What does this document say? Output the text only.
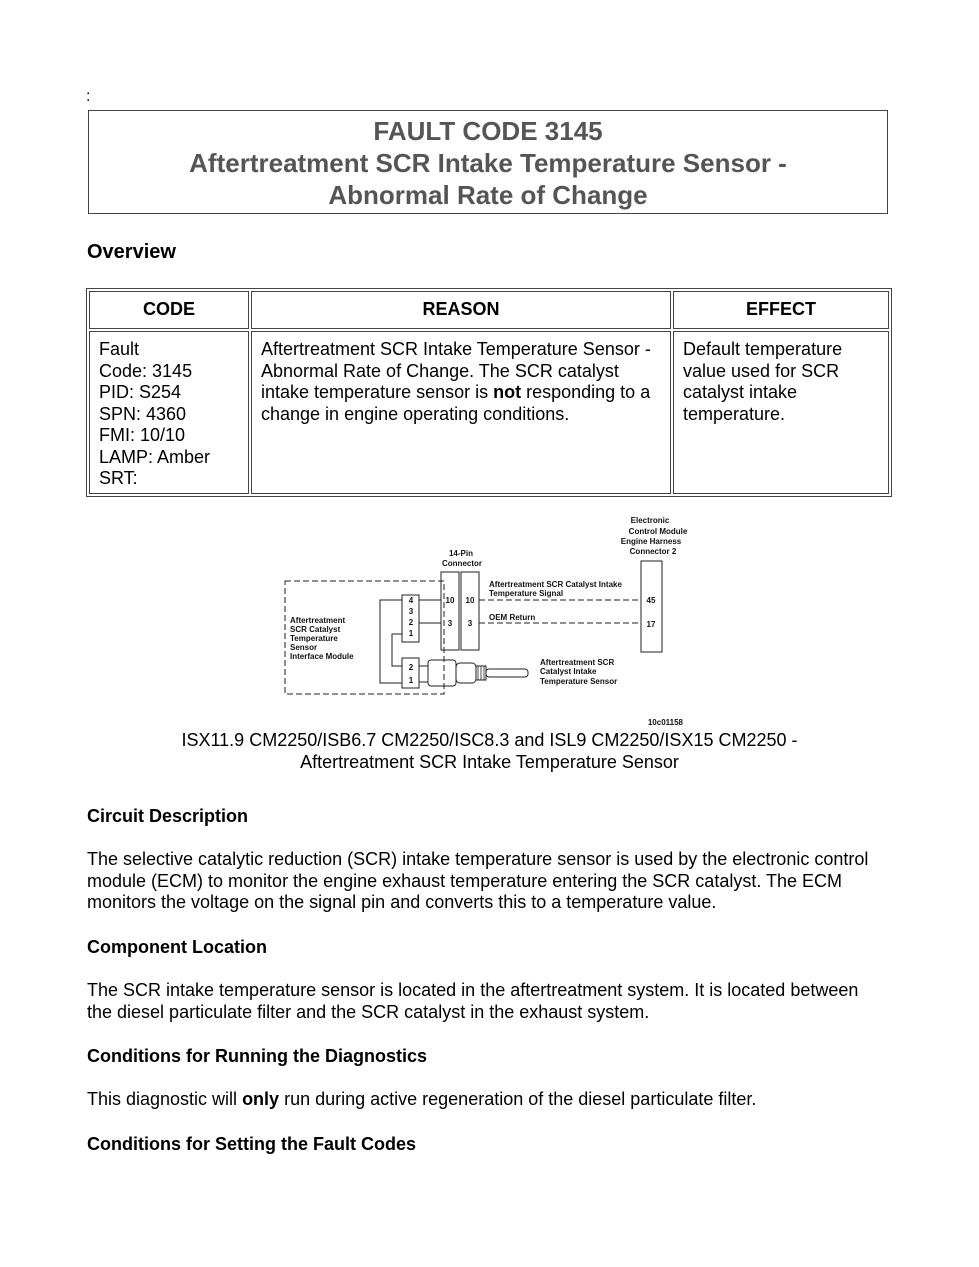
:
FAULT CODE 3145
Aftertreatment SCR Intake Temperature Sensor -
Abnormal Rate of Change
Overview
CODE	REASON	EFFECT
Fault
Code: 3145
PID: S254
SPN: 4360
FMI: 10/10
LAMP: Amber
SRT:
Aftertreatment SCR Intake Temperature Sensor - Abnormal Rate of Change. The SCR catalyst intake temperature sensor is not responding to a change in engine operating conditions.
Default temperature value used for SCR catalyst intake temperature.
Electronic
Control Module
Engine Harness
Connector 2
45
17
14-Pin
Connector
10 10
3 3
Aftertreatment SCR Catalyst Intake
Temperature Signal
OEM Return
Aftertreatment
SCR Catalyst
Temperature
Sensor
Interface Module
4
3
2
1
2
1
Aftertreatment SCR
Catalyst Intake
Temperature Sensor
10c01158
ISX11.9 CM2250/ISB6.7 CM2250/ISC8.3 and ISL9 CM2250/ISX15 CM2250 -
Aftertreatment SCR Intake Temperature Sensor
Circuit Description
The selective catalytic reduction (SCR) intake temperature sensor is used by the electronic control module (ECM) to monitor the engine exhaust temperature entering the SCR catalyst. The ECM monitors the voltage on the signal pin and converts this to a temperature value.
Component Location
The SCR intake temperature sensor is located in the aftertreatment system. It is located between the diesel particulate filter and the SCR catalyst in the exhaust system.
Conditions for Running the Diagnostics
This diagnostic will only run during active regeneration of the diesel particulate filter.
Conditions for Setting the Fault Codes
